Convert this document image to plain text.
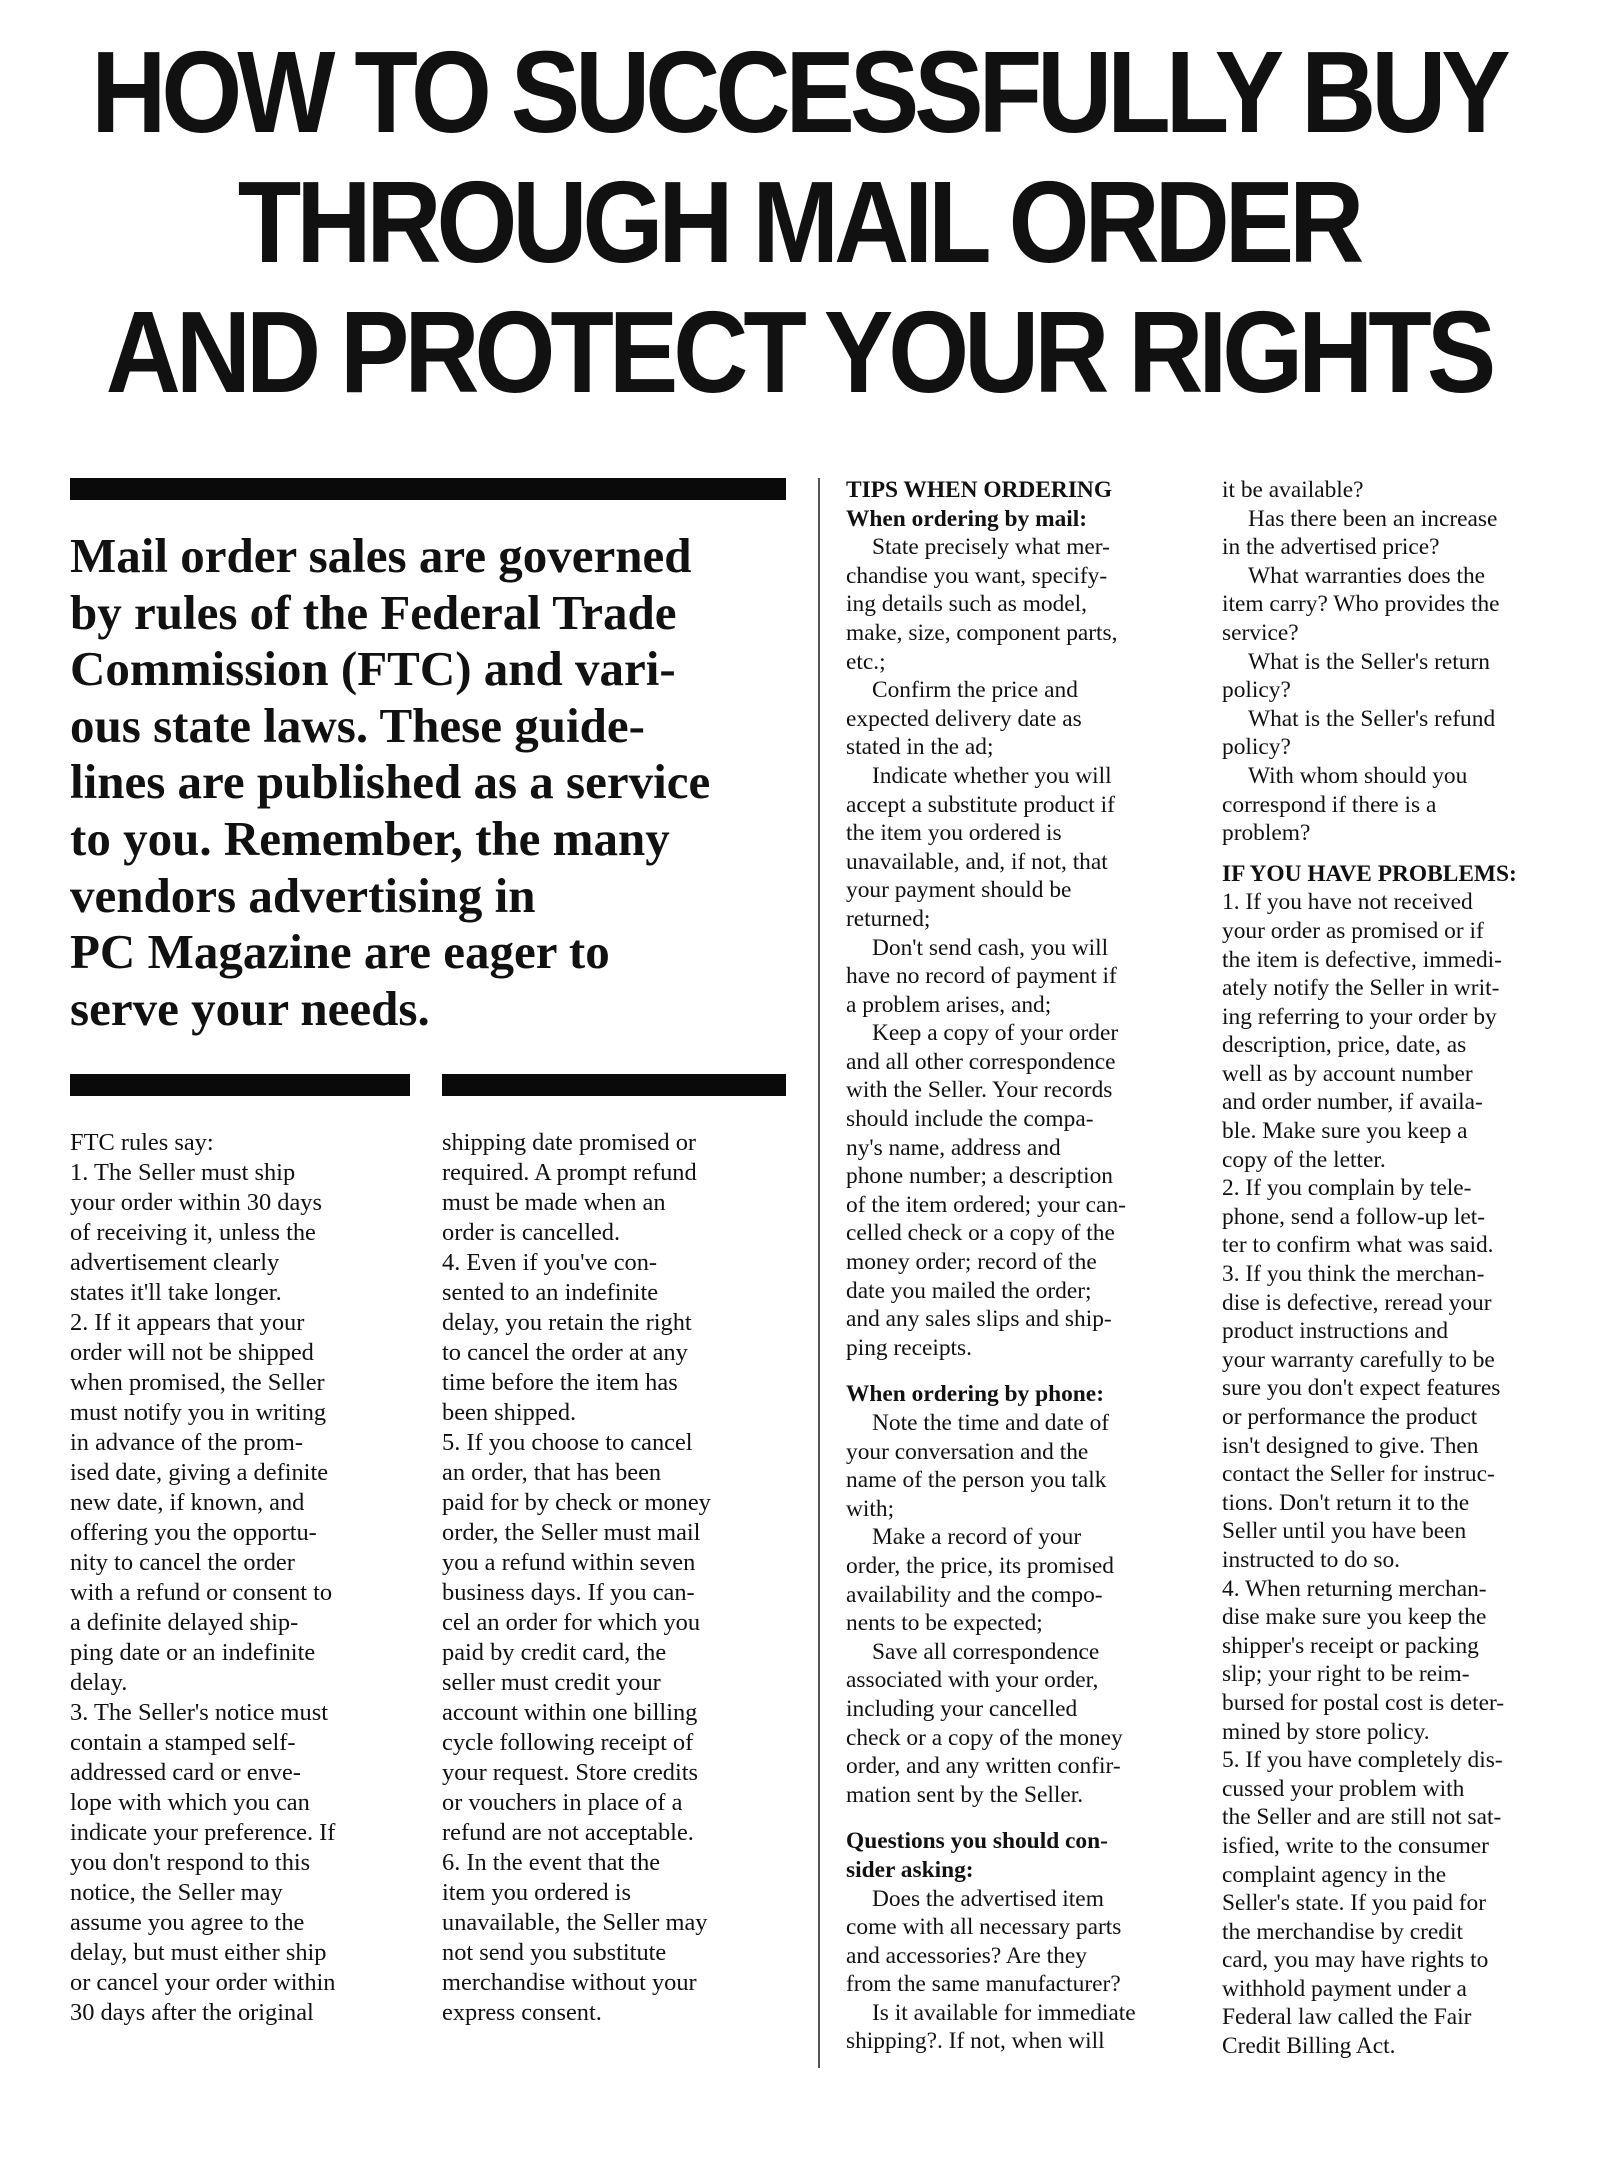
HOW TO SUCCESSFULLY BUY
THROUGH MAIL ORDER
AND PROTECT YOUR RIGHTS
Mail order sales are governed
by rules of the Federal Trade
Commission (FTC) and vari-
ous state laws. These guide-
lines are published as a service
to you. Remember, the many
vendors advertising in
PC Magazine are eager to
serve your needs.
FTC rules say:
1. The Seller must ship
your order within 30 days
of receiving it, unless the
advertisement clearly
states it'll take longer.
2. If it appears that your
order will not be shipped
when promised, the Seller
must notify you in writing
in advance of the prom-
ised date, giving a definite
new date, if known, and
offering you the opportu-
nity to cancel the order
with a refund or consent to
a definite delayed ship-
ping date or an indefinite
delay.
3. The Seller's notice must
contain a stamped self-
addressed card or enve-
lope with which you can
indicate your preference. If
you don't respond to this
notice, the Seller may
assume you agree to the
delay, but must either ship
or cancel your order within
30 days after the original
shipping date promised or
required. A prompt refund
must be made when an
order is cancelled.
4. Even if you've con-
sented to an indefinite
delay, you retain the right
to cancel the order at any
time before the item has
been shipped.
5. If you choose to cancel
an order, that has been
paid for by check or money
order, the Seller must mail
you a refund within seven
business days. If you can-
cel an order for which you
paid by credit card, the
seller must credit your
account within one billing
cycle following receipt of
your request. Store credits
or vouchers in place of a
refund are not acceptable.
6. In the event that the
item you ordered is
unavailable, the Seller may
not send you substitute
merchandise without your
express consent.
TIPS WHEN ORDERING
When ordering by mail:
State precisely what mer-
chandise you want, specify-
ing details such as model,
make, size, component parts,
etc.;
Confirm the price and
expected delivery date as
stated in the ad;
Indicate whether you will
accept a substitute product if
the item you ordered is
unavailable, and, if not, that
your payment should be
returned;
Don't send cash, you will
have no record of payment if
a problem arises, and;
Keep a copy of your order
and all other correspondence
with the Seller. Your records
should include the compa-
ny's name, address and
phone number; a description
of the item ordered; your can-
celled check or a copy of the
money order; record of the
date you mailed the order;
and any sales slips and ship-
ping receipts.
When ordering by phone:
Note the time and date of
your conversation and the
name of the person you talk
with;
Make a record of your
order, the price, its promised
availability and the compo-
nents to be expected;
Save all correspondence
associated with your order,
including your cancelled
check or a copy of the money
order, and any written confir-
mation sent by the Seller.
Questions you should con-
sider asking:
Does the advertised item
come with all necessary parts
and accessories? Are they
from the same manufacturer?
Is it available for immediate
shipping?. If not, when will
it be available?
Has there been an increase
in the advertised price?
What warranties does the
item carry? Who provides the
service?
What is the Seller's return
policy?
What is the Seller's refund
policy?
With whom should you
correspond if there is a
problem?
IF YOU HAVE PROBLEMS:
1. If you have not received
your order as promised or if
the item is defective, immedi-
ately notify the Seller in writ-
ing referring to your order by
description, price, date, as
well as by account number
and order number, if availa-
ble. Make sure you keep a
copy of the letter.
2. If you complain by tele-
phone, send a follow-up let-
ter to confirm what was said.
3. If you think the merchan-
dise is defective, reread your
product instructions and
your warranty carefully to be
sure you don't expect features
or performance the product
isn't designed to give. Then
contact the Seller for instruc-
tions. Don't return it to the
Seller until you have been
instructed to do so.
4. When returning merchan-
dise make sure you keep the
shipper's receipt or packing
slip; your right to be reim-
bursed for postal cost is deter-
mined by store policy.
5. If you have completely dis-
cussed your problem with
the Seller and are still not sat-
isfied, write to the consumer
complaint agency in the
Seller's state. If you paid for
the merchandise by credit
card, you may have rights to
withhold payment under a
Federal law called the Fair
Credit Billing Act.
